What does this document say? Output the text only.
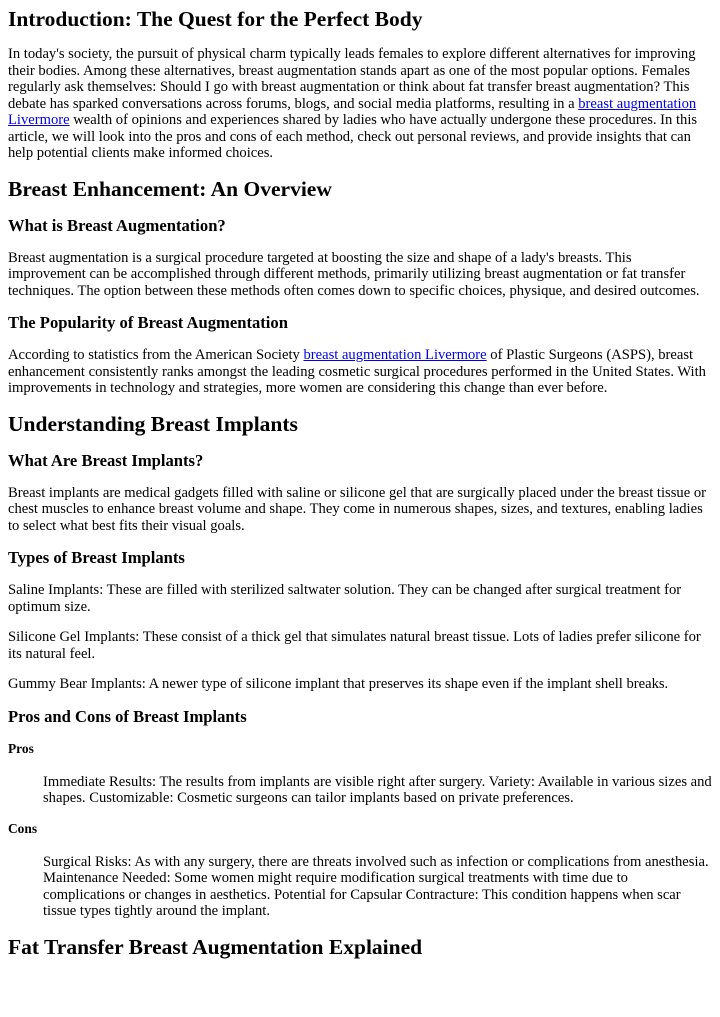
Introduction: The Quest for the Perfect Body

In today's society, the pursuit of physical charm typically leads females to explore different alternatives for improving their bodies. Among these alternatives, breast augmentation stands apart as one of the most popular options. Females regularly ask themselves: Should I go with breast augmentation or think about fat transfer breast augmentation? This debate has sparked conversations across forums, blogs, and social media platforms, resulting in a breast augmentation Livermore wealth of opinions and experiences shared by ladies who have actually undergone these procedures. In this article, we will look into the pros and cons of each method, check out personal reviews, and provide insights that can help potential clients make informed choices.

Breast Enhancement: An Overview
What is Breast Augmentation?

Breast augmentation is a surgical procedure targeted at boosting the size and shape of a lady's breasts. This improvement can be accomplished through different methods, primarily utilizing breast augmentation or fat transfer techniques. The option between these methods often comes down to specific choices, physique, and desired outcomes.

The Popularity of Breast Augmentation

According to statistics from the American Society breast augmentation Livermore of Plastic Surgeons (ASPS), breast enhancement consistently ranks amongst the leading cosmetic surgical procedures performed in the United States. With improvements in technology and strategies, more women are considering this change than ever before.

Understanding Breast Implants
What Are Breast Implants?

Breast implants are medical gadgets filled with saline or silicone gel that are surgically placed under the breast tissue or chest muscles to enhance breast volume and shape. They come in numerous shapes, sizes, and textures, enabling ladies to select what best fits their visual goals.

Types of Breast Implants

Saline Implants: These are filled with sterilized saltwater solution. They can be changed after surgical treatment for optimum size.

Silicone Gel Implants: These consist of a thick gel that simulates natural breast tissue. Lots of ladies prefer silicone for its natural feel.

Gummy Bear Implants: A newer type of silicone implant that preserves its shape even if the implant shell breaks.

Pros and Cons of Breast Implants
Pros

Immediate Results: The results from implants are visible right after surgery. Variety: Available in various sizes and shapes. Customizable: Cosmetic surgeons can tailor implants based on private preferences.

Cons

Surgical Risks: As with any surgery, there are threats involved such as infection or complications from anesthesia. Maintenance Needed: Some women might require modification surgical treatments with time due to complications or changes in aesthetics. Potential for Capsular Contracture: This condition happens when scar tissue types tightly around the implant.

Fat Transfer Breast Augmentation Explained
